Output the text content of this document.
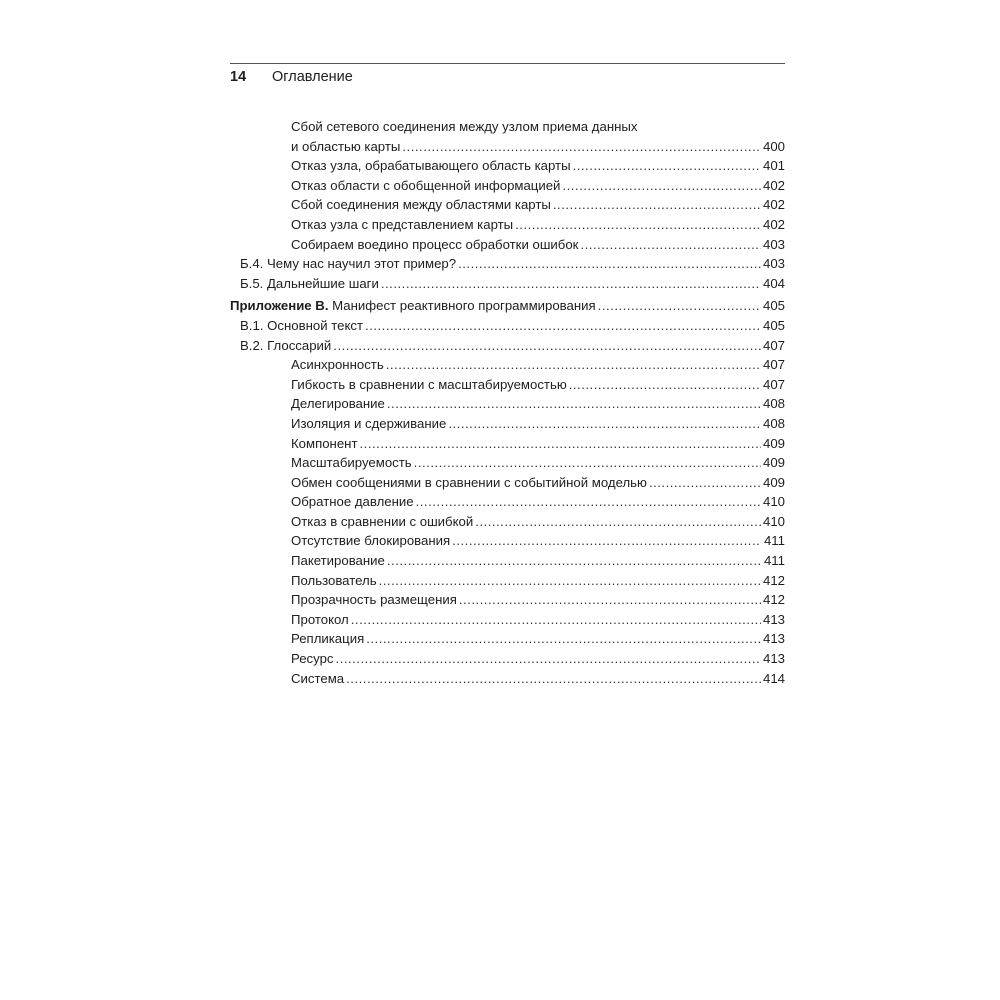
14 Оглавление
Сбой сетевого соединения между узлом приема данных
и областью карты .....	400
Отказ узла, обрабатывающего область карты .....	401
Отказ области с обобщенной информацией .....	402
Сбой соединения между областями карты .....	402
Отказ узла с представлением карты .....	402
Собираем воедино процесс обработки ошибок .....	403
Б.4. Чему нас научил этот пример? .....	403
Б.5. Дальнейшие шаги .....	404
Приложение В. Манифест реактивного программирования .....	405
В.1. Основной текст .....	405
В.2. Глоссарий .....	407
Асинхронность .....	407
Гибкость в сравнении с масштабируемостью .....	407
Делегирование .....	408
Изоляция и сдерживание .....	408
Компонент .....	409
Масштабируемость .....	409
Обмен сообщениями в сравнении с событийной моделью .....	409
Обратное давление .....	410
Отказ в сравнении с ошибкой .....	410
Отсутствие блокирования .....	411
Пакетирование .....	411
Пользователь .....	412
Прозрачность размещения .....	412
Протокол .....	413
Репликация .....	413
Ресурс .....	413
Система .....	414
